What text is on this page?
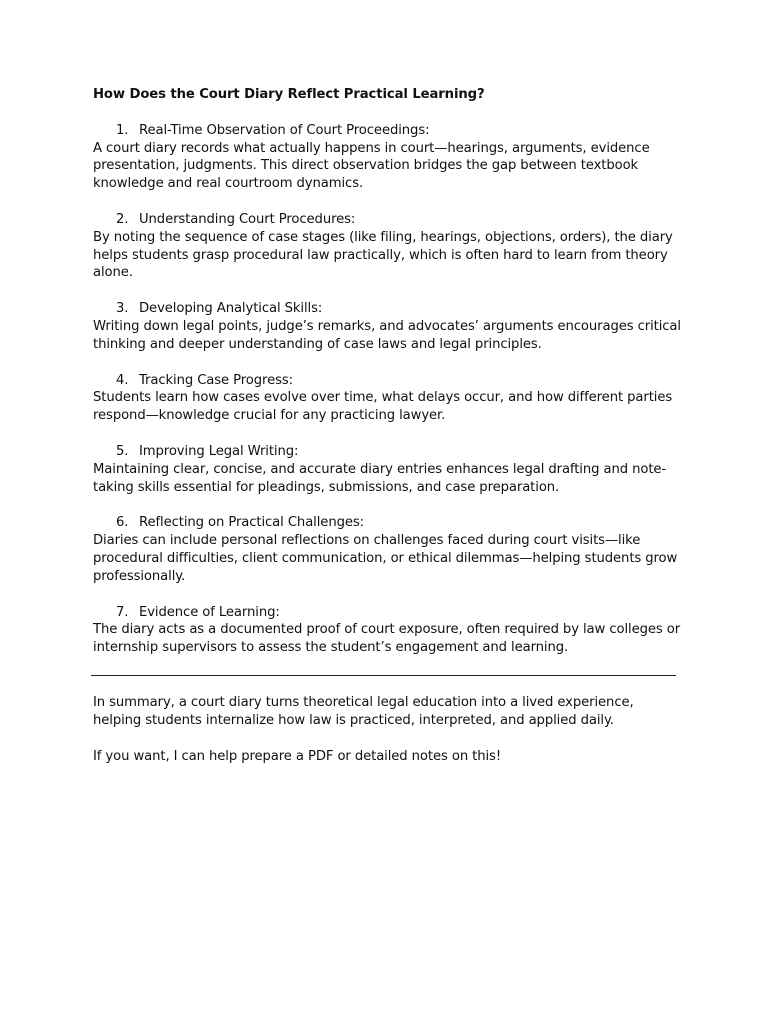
How Does the Court Diary Reflect Practical Learning?
1. Real-Time Observation of Court Proceedings:

A court diary records what actually happens in court—hearings, arguments, evidence presentation, judgments. This direct observation bridges the gap between textbook knowledge and real courtroom dynamics.

2. Understanding Court Procedures:

By noting the sequence of case stages (like filing, hearings, objections, orders), the diary helps students grasp procedural law practically, which is often hard to learn from theory alone.

3. Developing Analytical Skills:

Writing down legal points, judge’s remarks, and advocates’ arguments encourages critical thinking and deeper understanding of case laws and legal principles.

4. Tracking Case Progress:

Students learn how cases evolve over time, what delays occur, and how different parties respond—knowledge crucial for any practicing lawyer.

5. Improving Legal Writing:

Maintaining clear, concise, and accurate diary entries enhances legal drafting and note-taking skills essential for pleadings, submissions, and case preparation.

6. Reflecting on Practical Challenges:

Diaries can include personal reflections on challenges faced during court visits—like procedural difficulties, client communication, or ethical dilemmas—helping students grow professionally.

7. Evidence of Learning:

The diary acts as a documented proof of court exposure, often required by law colleges or internship supervisors to assess the student’s engagement and learning.

In summary, a court diary turns theoretical legal education into a lived experience, helping students internalize how law is practiced, interpreted, and applied daily.

If you want, I can help prepare a PDF or detailed notes on this!
